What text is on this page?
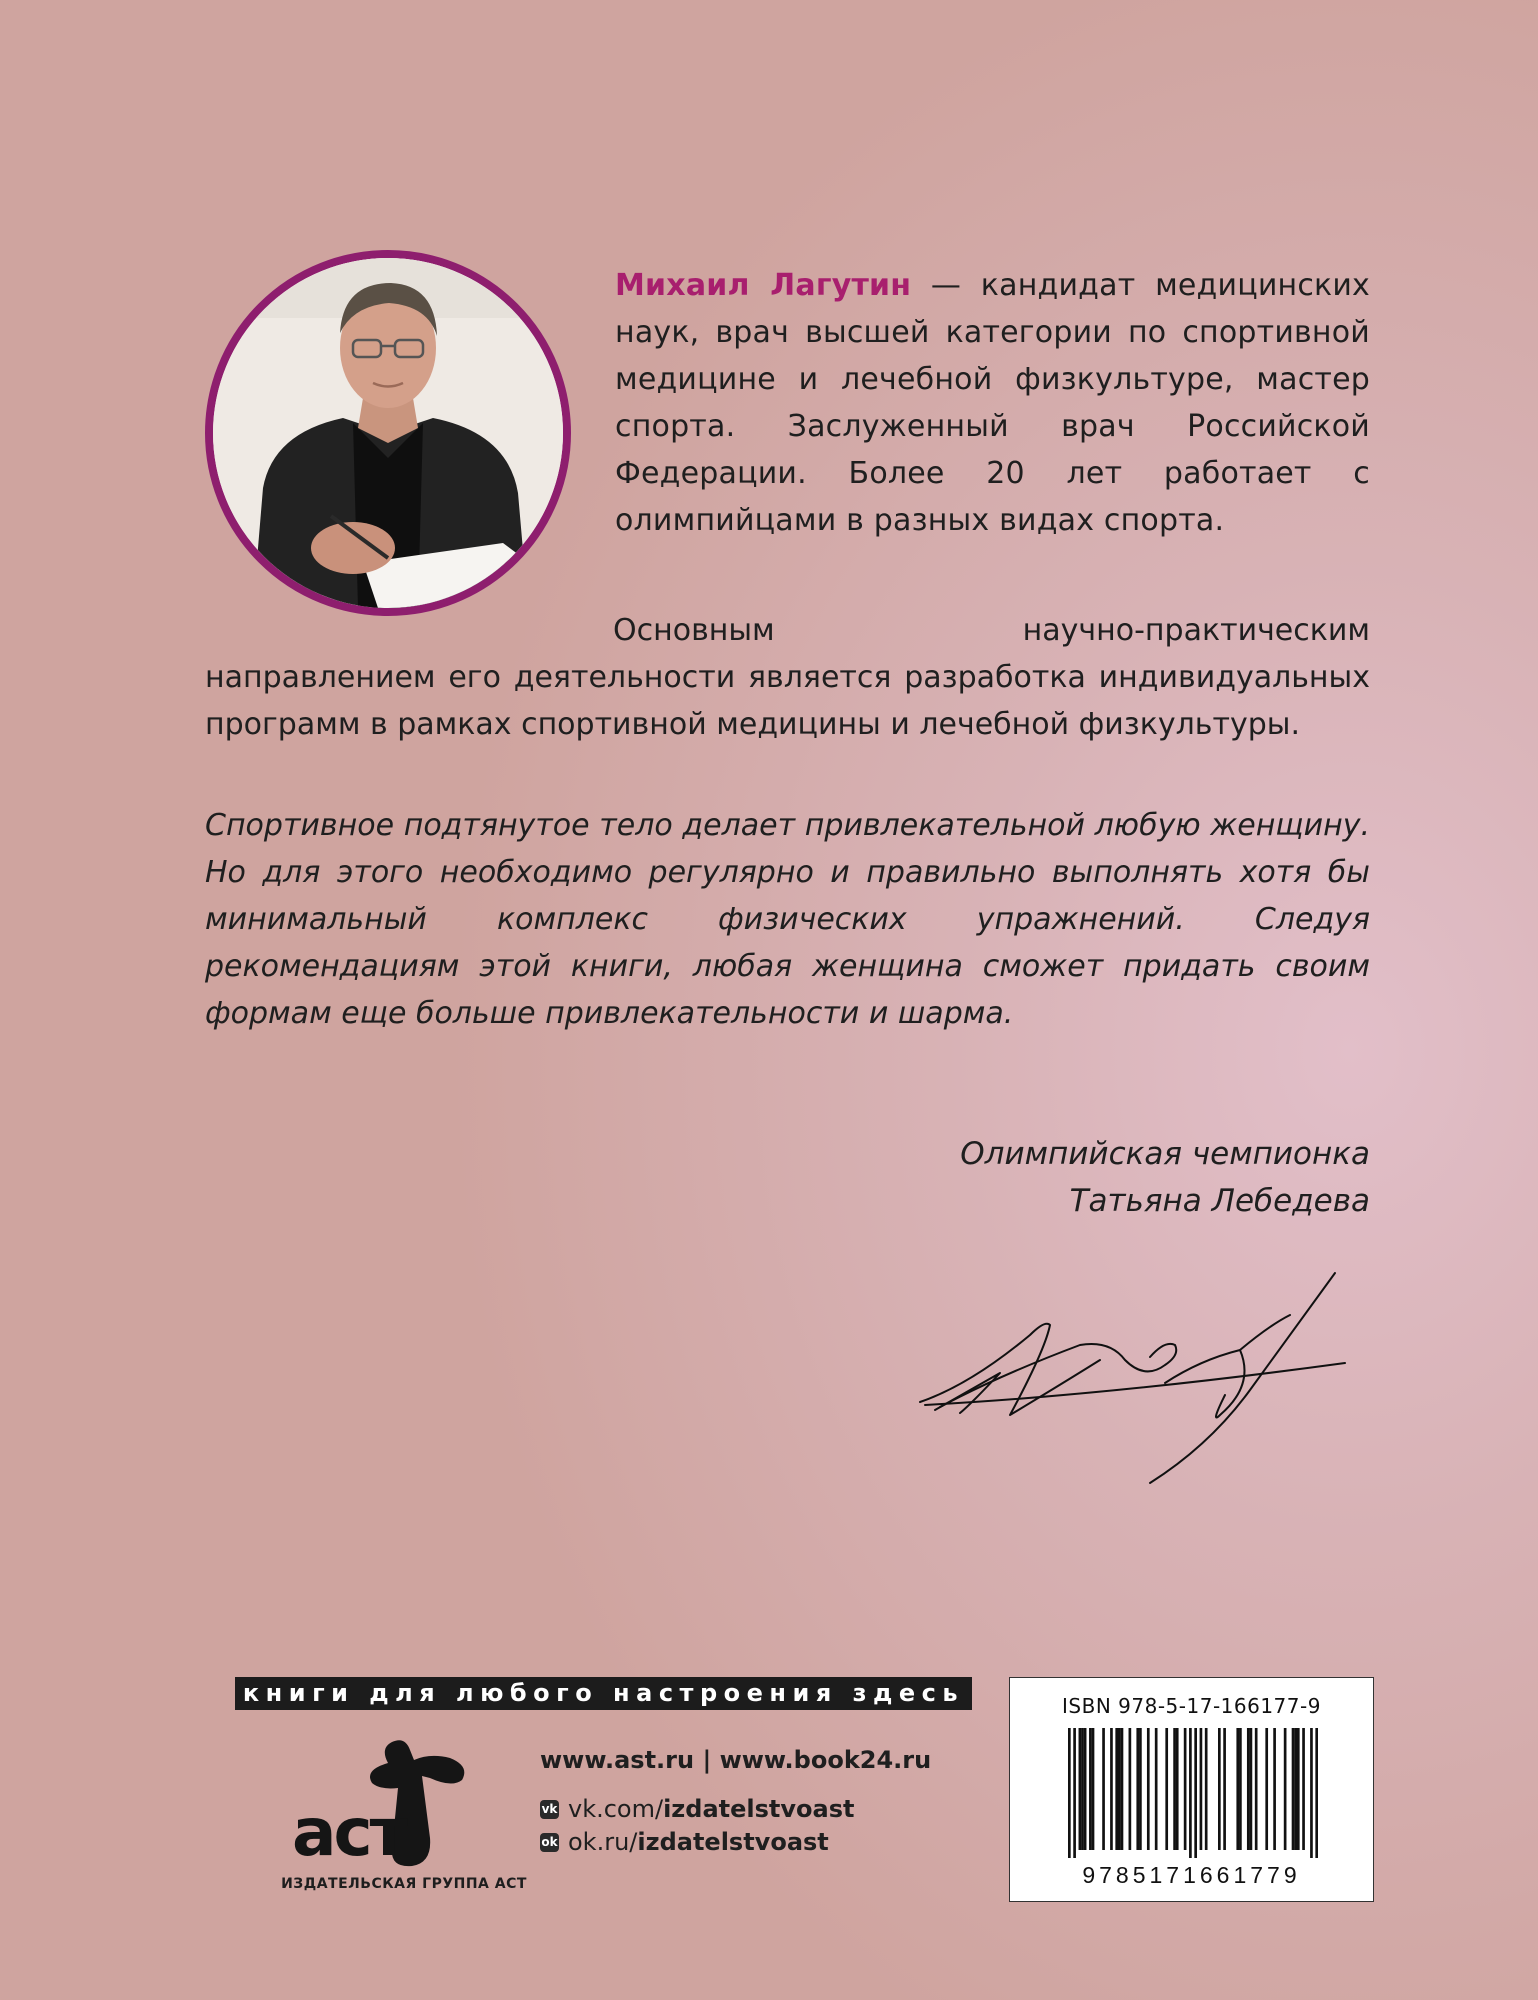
Михаил Лагутин — кандидат медицинских наук, врач высшей категории по спортивной медицине и лечебной физкультуре, мастер спорта. Заслуженный врач Российской Федерации. Более 20 лет работает с олимпийцами в разных видах спорта.
Основным научно-практическим направлением его деятельности является разработка индивидуальных программ в рамках спортивной медицины и лечебной физкультуры.
Спортивное подтянутое тело делает привлекательной любую женщину. Но для этого необходимо регулярно и правильно выполнять хотя бы минимальный комплекс физических упражнений. Следуя рекомендациям этой книги, любая женщина сможет придать своим формам еще больше привлекательности и шарма.
Олимпийская чемпионка
Татьяна Лебедева
книги для любого настроения здесь
аст
ИЗДАТЕЛЬСКАЯ ГРУППА АСТ
www.ast.ru | www.book24.ru
vk vk.com/ izdatelstvoast
ok ok.ru/ izdatelstvoast
ISBN 978-5-17-166177-9
9785171661779
